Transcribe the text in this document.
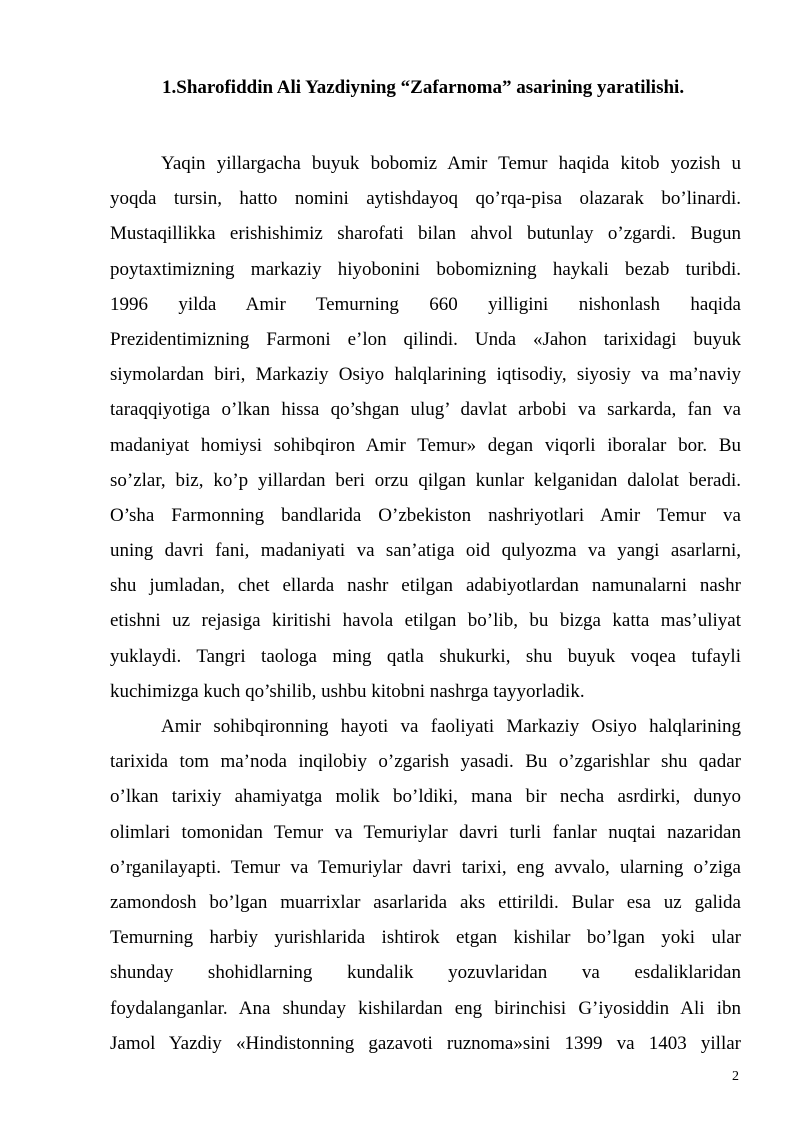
1.Sharofiddin Ali Yazdiyning “Zafarnoma” asarining yaratilishi.

Yaqin yillargacha buyuk bobomiz Amir Temur haqida kitob yozish u
yoqda tursin, hatto nomini aytishdayoq qo’rqa-pisa olazarak bo’linardi.
Mustaqillikka erishishimiz sharofati bilan ahvol butunlay o’zgardi. Bugun
poytaxtimizning markaziy hiyobonini bobomizning haykali bezab turibdi.
1996 yilda Amir Temurning 660 yilligini nishonlash haqida
Prezidentimizning Farmoni e’lon qilindi. Unda «Jahon tarixidagi buyuk
siymolardan biri, Markaziy Osiyo halqlarining iqtisodiy, siyosiy va ma’naviy
taraqqiyotiga o’lkan hissa qo’shgan ulug’ davlat arbobi va sarkarda, fan va
madaniyat homiysi sohibqiron Amir Temur» degan viqorli iboralar bor. Bu
so’zlar, biz, ko’p yillardan beri orzu qilgan kunlar kelganidan dalolat beradi.
O’sha Farmonning bandlarida O’zbekiston nashriyotlari Amir Temur va
uning davri fani, madaniyati va san’atiga oid qulyozma va yangi asarlarni,
shu jumladan, chet ellarda nashr etilgan adabiyotlardan namunalarni nashr
etishni uz rejasiga kiritishi havola etilgan bo’lib, bu bizga katta mas’uliyat
yuklaydi. Tangri taologa ming qatla shukurki, shu buyuk voqea tufayli
kuchimizga kuch qo’shilib, ushbu kitobni nashrga tayyorladik.

Amir sohibqironning hayoti va faoliyati Markaziy Osiyo halqlarining
tarixida tom ma’noda inqilobiy o’zgarish yasadi. Bu o’zgarishlar shu qadar
o’lkan tarixiy ahamiyatga molik bo’ldiki, mana bir necha asrdirki, dunyo
olimlari tomonidan Temur va Temuriylar davri turli fanlar nuqtai nazaridan
o’rganilayapti. Temur va Temuriylar davri tarixi, eng avvalo, ularning o’ziga
zamondosh bo’lgan muarrixlar asarlarida aks ettirildi. Bular esa uz galida
Temurning harbiy yurishlarida ishtirok etgan kishilar bo’lgan yoki ular
shunday shohidlarning kundalik yozuvlaridan va esdaliklaridan
foydalanganlar. Ana shunday kishilardan eng birinchisi G’iyosiddin Ali ibn
Jamol Yazdiy «Hindistonning gazavoti ruznoma»sini 1399 va 1403 yillar

2
